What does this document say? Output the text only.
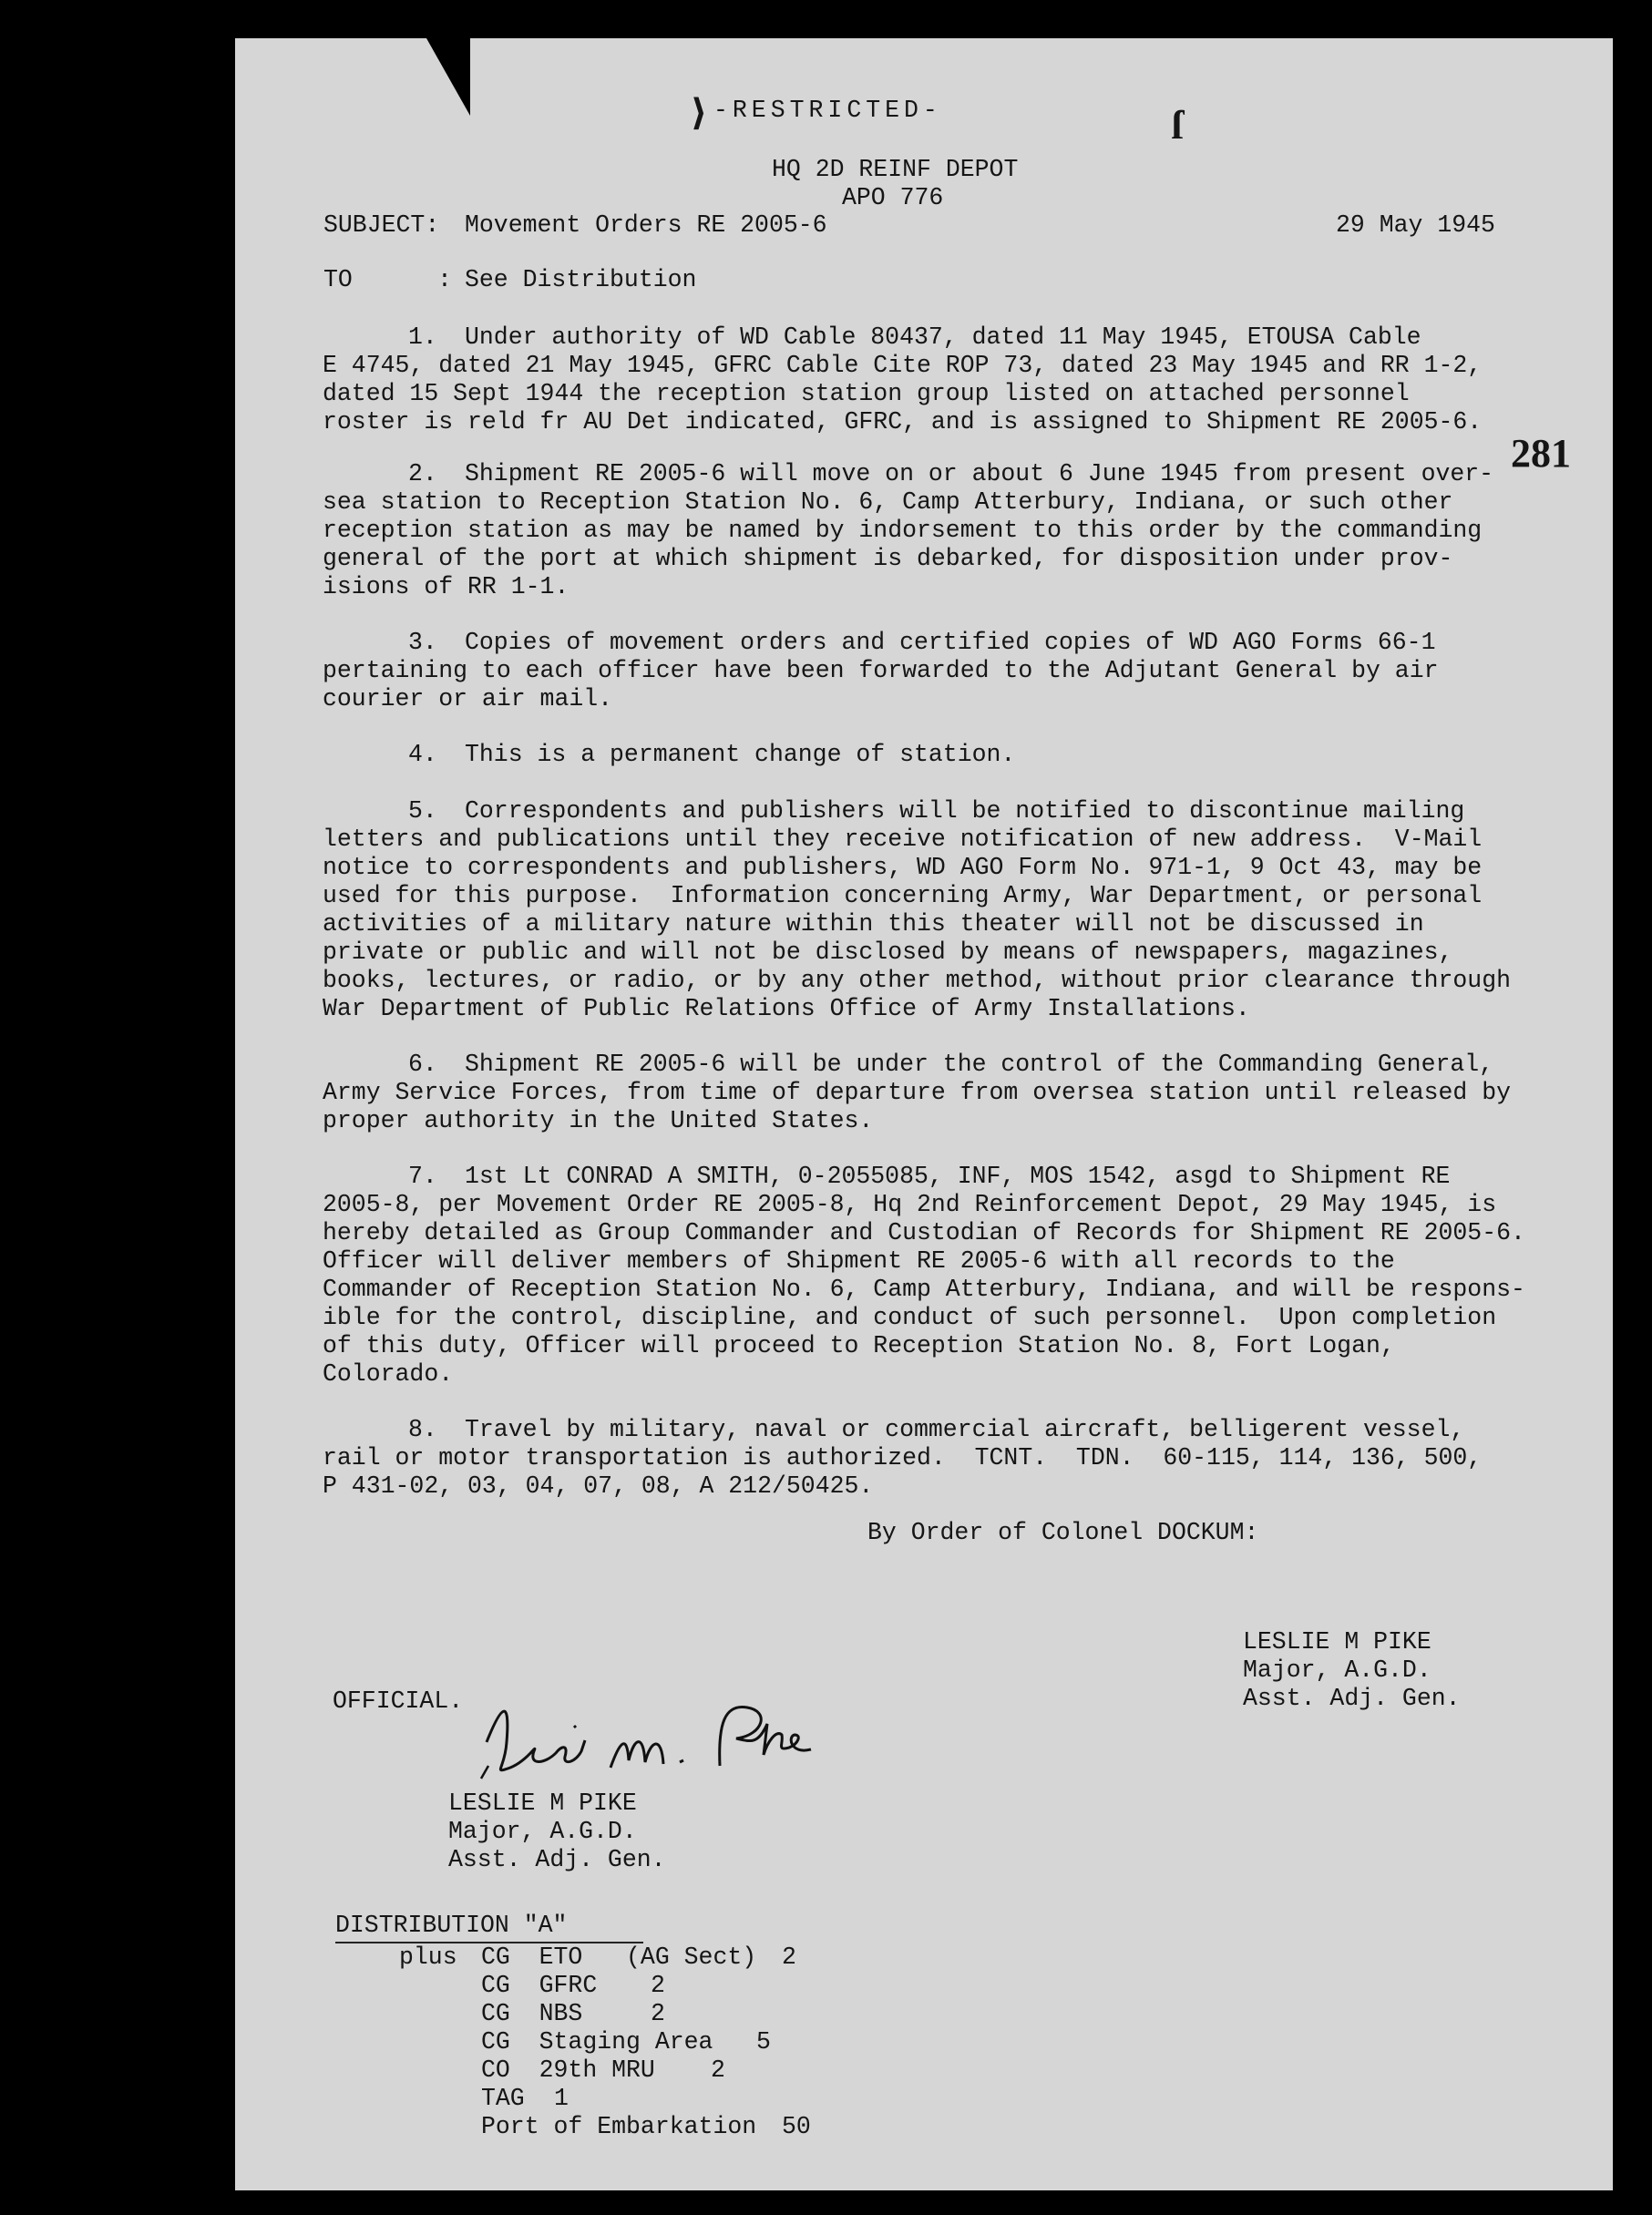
-RESTRICTED-
⟩	ſ
HQ 2D REINF DEPOT
APO 776
SUBJECT: Movement Orders RE 2005-6	29 May 1945
TO	: See Distribution
281
1. Under authority of WD Cable 80437, dated 11 May 1945, ETOUSA Cable
E 4745, dated 21 May 1945, GFRC Cable Cite ROP 73, dated 23 May 1945 and RR 1-2,
dated 15 Sept 1944 the reception station group listed on attached personnel
roster is reld fr AU Det indicated, GFRC, and is assigned to Shipment RE 2005-6.
2. Shipment RE 2005-6 will move on or about 6 June 1945 from present over-
sea station to Reception Station No. 6, Camp Atterbury, Indiana, or such other
reception station as may be named by indorsement to this order by the commanding
general of the port at which shipment is debarked, for disposition under prov-
isions of RR 1-1.
3. Copies of movement orders and certified copies of WD AGO Forms 66-1
pertaining to each officer have been forwarded to the Adjutant General by air
courier or air mail.
4. This is a permanent change of station.
5. Correspondents and publishers will be notified to discontinue mailing
letters and publications until they receive notification of new address.  V-Mail
notice to correspondents and publishers, WD AGO Form No. 971-1, 9 Oct 43, may be
used for this purpose.  Information concerning Army, War Department, or personal
activities of a military nature within this theater will not be discussed in
private or public and will not be disclosed by means of newspapers, magazines,
books, lectures, or radio, or by any other method, without prior clearance through
War Department of Public Relations Office of Army Installations.
6. Shipment RE 2005-6 will be under the control of the Commanding General,
Army Service Forces, from time of departure from oversea station until released by
proper authority in the United States.
7. 1st Lt CONRAD A SMITH, 0-2055085, INF, MOS 1542, asgd to Shipment RE
2005-8, per Movement Order RE 2005-8, Hq 2nd Reinforcement Depot, 29 May 1945, is
hereby detailed as Group Commander and Custodian of Records for Shipment RE 2005-6.
Officer will deliver members of Shipment RE 2005-6 with all records to the
Commander of Reception Station No. 6, Camp Atterbury, Indiana, and will be respons-
ible for the control, discipline, and conduct of such personnel.  Upon completion
of this duty, Officer will proceed to Reception Station No. 8, Fort Logan,
Colorado.
8. Travel by military, naval or commercial aircraft, belligerent vessel,
rail or motor transportation is authorized.  TCNT.  TDN.  60-115, 114, 136, 500,
P 431-02, 03, 04, 07, 08, A 212/50425.
By Order of Colonel DOCKUM:
LESLIE M PIKE
Major, A.G.D.
Asst. Adj. Gen.
OFFICIAL.
LESLIE M PIKE
Major, A.G.D.
Asst. Adj. Gen.
DISTRIBUTION "A"
plus CG  ETO   (AG Sect) 2
CG  GFRC 2
CG  NBS	2
CG  Staging Area 5
CO  29th MRU 2
TAG 1
Port of Embarkation 50
